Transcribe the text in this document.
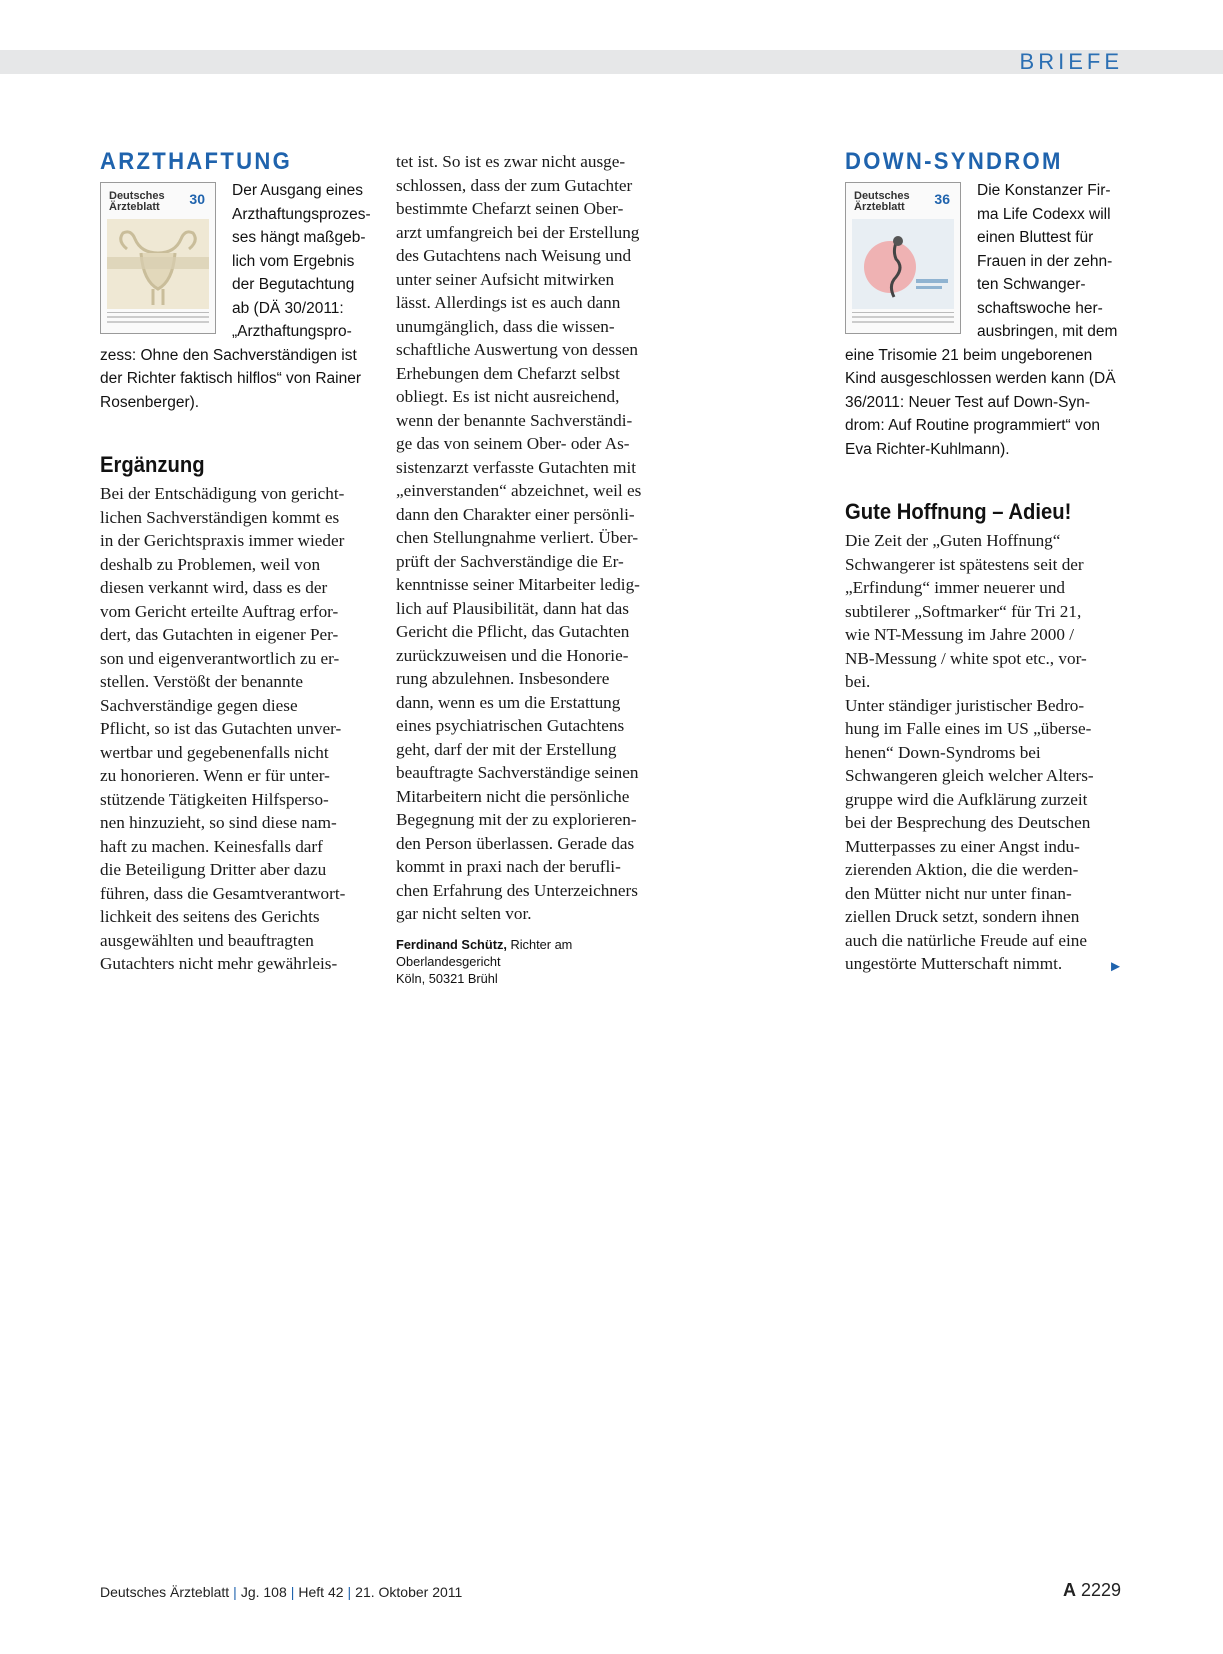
BRIEFE
ARZTHAFTUNG
Deutsches Ärzteblatt	30	Der Ausgang eines
Arzthaftungsprozes-
ses hängt maßgeb-
lich vom Ergebnis
der Begutachtung
ab (DÄ 30/2011:
„Arzthaftungspro-
zess: Ohne den Sachverständigen ist
der Richter faktisch hilflos“ von Rainer
Rosenberger).
Ergänzung
Bei der Entschädigung von gericht-
lichen Sachverständigen kommt es
in der Gerichtspraxis immer wieder
deshalb zu Problemen, weil von
diesen verkannt wird, dass es der
vom Gericht erteilte Auftrag erfor-
dert, das Gutachten in eigener Per-
son und eigenverantwortlich zu er-
stellen. Verstößt der benannte
Sachverständige gegen diese
Pflicht, so ist das Gutachten unver-
wertbar und gegebenenfalls nicht
zu honorieren. Wenn er für unter-
stützende Tätigkeiten Hilfsperso-
nen hinzuzieht, so sind diese nam-
haft zu machen. Keinesfalls darf
die Beteiligung Dritter aber dazu
führen, dass die Gesamtverantwort-
lichkeit des seitens des Gerichts
ausgewählten und beauftragten
Gutachters nicht mehr gewährleis-
tet ist. So ist es zwar nicht ausge-
schlossen, dass der zum Gutachter
bestimmte Chefarzt seinen Ober-
arzt umfangreich bei der Erstellung
des Gutachtens nach Weisung und
unter seiner Aufsicht mitwirken
lässt. Allerdings ist es auch dann
unumgänglich, dass die wissen-
schaftliche Auswertung von dessen
Erhebungen dem Chefarzt selbst
obliegt. Es ist nicht ausreichend,
wenn der benannte Sachverständi-
ge das von seinem Ober- oder As-
sistenzarzt verfasste Gutachten mit
„einverstanden“ abzeichnet, weil es
dann den Charakter einer persönli-
chen Stellungnahme verliert. Über-
prüft der Sachverständige die Er-
kenntnisse seiner Mitarbeiter ledig-
lich auf Plausibilität, dann hat das
Gericht die Pflicht, das Gutachten
zurückzuweisen und die Honorie-
rung abzulehnen. Insbesondere
dann, wenn es um die Erstattung
eines psychiatrischen Gutachtens
geht, darf der mit der Erstellung
beauftragte Sachverständige seinen
Mitarbeitern nicht die persönliche
Begegnung mit der zu explorieren-
den Person überlassen. Gerade das
kommt in praxi nach der berufli-
chen Erfahrung des Unterzeichners
gar nicht selten vor.
Ferdinand Schütz, Richter am Oberlandesgericht
Köln, 50321 Brühl
DOWN-SYNDROM
Deutsches Ärzteblatt	36	Die Konstanzer Fir-
ma Life Codexx will
einen Bluttest für
Frauen in der zehn-
ten Schwanger-
schaftswoche her-
ausbringen, mit dem
eine Trisomie 21 beim ungeborenen
Kind ausgeschlossen werden kann (DÄ
36/2011: Neuer Test auf Down-Syn-
drom: Auf Routine programmiert“ von
Eva Richter-Kuhlmann).
Gute Hoffnung – Adieu!
Die Zeit der „Guten Hoffnung“
Schwangerer ist spätestens seit der
„Erfindung“ immer neuerer und
subtilerer „Softmarker“ für Tri 21,
wie NT-Messung im Jahre 2000 /
NB-Messung / white spot etc., vor-
bei.
Unter ständiger juristischer Bedro-
hung im Falle eines im US „überse-
henen“ Down-Syndroms bei
Schwangeren gleich welcher Alters-
gruppe wird die Aufklärung zurzeit
bei der Besprechung des Deutschen
Mutterpasses zu einer Angst indu-
zierenden Aktion, die die werden-
den Mütter nicht nur unter finan-
ziellen Druck setzt, sondern ihnen
auch die natürliche Freude auf eine
ungestörte Mutterschaft nimmt.	►
Deutsches Ärzteblatt | Jg. 108 | Heft 42 | 21. Oktober 2011	A 2229
